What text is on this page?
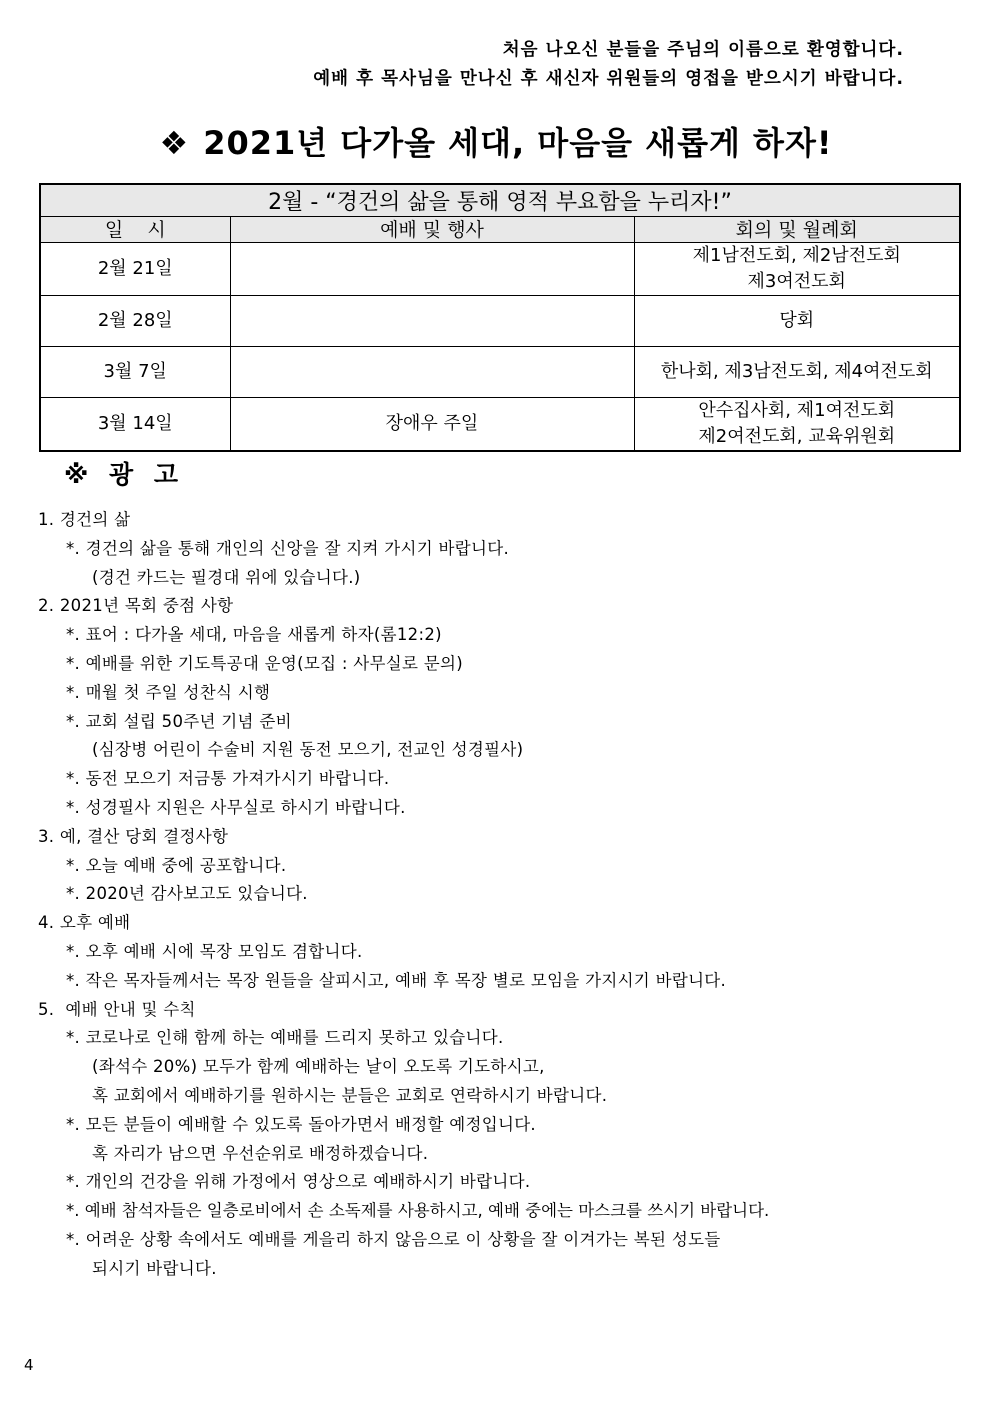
처음 나오신 분들을 주님의 이름으로 환영합니다.
예배 후 목사님을 만나신 후 새신자 위원들의 영접을 받으시기 바랍니다.
❖ 2021년 다가올 세대, 마음을 새롭게 하자!
2월 - “경건의 삶을 통해 영적 부요함을 누리자!”		
일    시	예배 및 행사	회의 및 월례회
2월 21일		제1남전도회, 제2남전도회
제3여전도회

2월 28일		당회

3월 7일		한나회, 제3남전도회, 제4여전도회

3월 14일	장애우 주일	안수집사회, 제1여전도회
제2여전도회, 교육위원회
※ 광 고
1. 경건의 삶
*. 경건의 삶을 통해 개인의 신앙을 잘 지켜 가시기 바랍니다.
(경건 카드는 필경대 위에 있습니다.)
2. 2021년 목회 중점 사항
*. 표어 : 다가올 세대, 마음을 새롭게 하자(롬12:2)
*. 예배를 위한 기도특공대 운영(모집 : 사무실로 문의)
*. 매월 첫 주일 성찬식 시행
*. 교회 설립 50주년 기념 준비
(심장병 어린이 수술비 지원 동전 모으기, 전교인 성경필사)
*. 동전 모으기 저금통 가져가시기 바랍니다.
*. 성경필사 지원은 사무실로 하시기 바랍니다.
3. 예, 결산 당회 결정사항
*. 오늘 예배 중에 공포합니다.
*. 2020년 감사보고도 있습니다.
4. 오후 예배
*. 오후 예배 시에 목장 모임도 겸합니다.
*. 작은 목자들께서는 목장 원들을 살피시고, 예배 후 목장 별로 모임을 가지시기 바랍니다.
5.  예배 안내 및 수칙
*. 코로나로 인해 함께 하는 예배를 드리지 못하고 있습니다.
(좌석수 20%) 모두가 함께 예배하는 날이 오도록 기도하시고,
혹 교회에서 예배하기를 원하시는 분들은 교회로 연락하시기 바랍니다.
*. 모든 분들이 예배할 수 있도록 돌아가면서 배정할 예정입니다.
혹 자리가 남으면 우선순위로 배정하겠습니다.
*. 개인의 건강을 위해 가정에서 영상으로 예배하시기 바랍니다.
*. 예배 참석자들은 일층로비에서 손 소독제를 사용하시고, 예배 중에는 마스크를 쓰시기 바랍니다.
*. 어려운 상황 속에서도 예배를 게을리 하지 않음으로 이 상황을 잘 이겨가는 복된 성도들
되시기 바랍니다.
4
